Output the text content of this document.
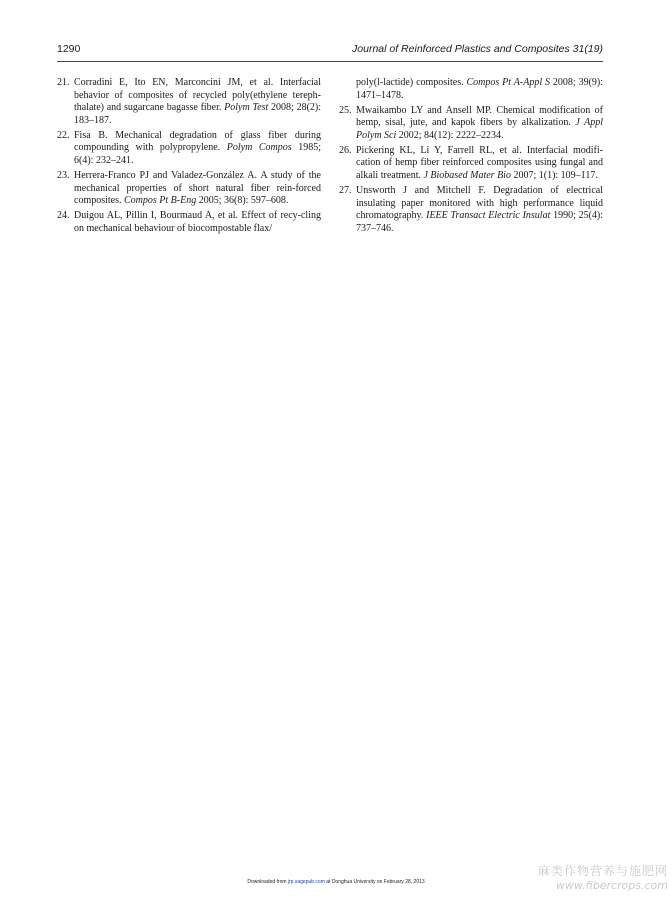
1290	Journal of Reinforced Plastics and Composites 31(19)
21. Corradini E, Ito EN, Marconcini JM, et al. Interfacial behavior of composites of recycled poly(ethylene tereph-thalate) and sugarcane bagasse fiber. Polym Test 2008; 28(2): 183–187.
22. Fisa B. Mechanical degradation of glass fiber during compounding with polypropylene. Polym Compos 1985; 6(4): 232–241.
23. Herrera-Franco PJ and Valadez-González A. A study of the mechanical properties of short natural fiber rein-forced composites. Compos Pt B-Eng 2005; 36(8): 597–608.
24. Duigou AL, Pillin I, Bourmaud A, et al. Effect of recy-cling on mechanical behaviour of biocompostable flax/
poly(l-lactide) composites. Compos Pt A-Appl S 2008; 39(9): 1471–1478.
25. Mwaikambo LY and Ansell MP. Chemical modification of hemp, sisal, jute, and kapok fibers by alkalization. J Appl Polym Sci 2002; 84(12): 2222–2234.
26. Pickering KL, Li Y, Farrell RL, et al. Interfacial modifi-cation of hemp fiber reinforced composites using fungal and alkali treatment. J Biobased Mater Bio 2007; 1(1): 109–117.
27. Unsworth J and Mitchell F. Degradation of electrical insulating paper monitored with high performance liquid chromatography. IEEE Transact Electric Insulat 1990; 25(4): 737–746.
Downloaded from jrp.sagepub.com at Donghua University on February 28, 2013
麻类作物营养与施肥网
www.fibercrops.com
